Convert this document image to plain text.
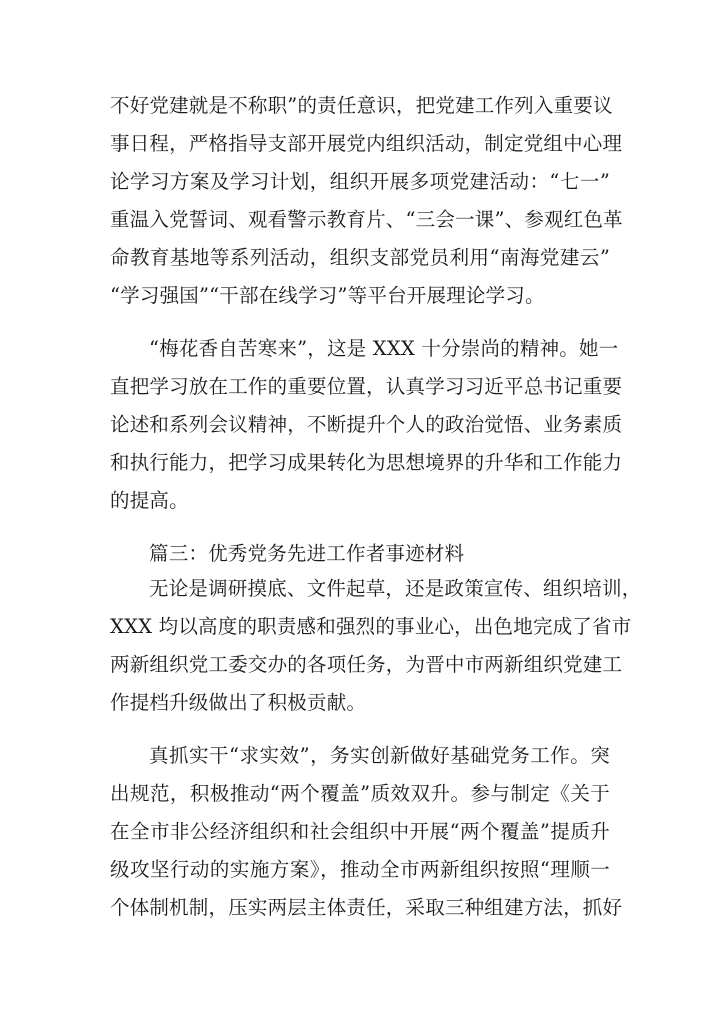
不好党建就是不称职”的责任意识，把党建工作列入重要议
事日程，严格指导支部开展党内组织活动，制定党组中心理
论学习方案及学习计划，组织开展多项党建活动：“七一”
重温入党誓词、观看警示教育片、“三会一课”、参观红色革
命教育基地等系列活动，组织支部党员利用“南海党建云”
“学习强国”“干部在线学习”等平台开展理论学习。
“梅花香自苦寒来”，这是 XXX 十分崇尚的精神。她一
直把学习放在工作的重要位置，认真学习习近平总书记重要
论述和系列会议精神，不断提升个人的政治觉悟、业务素质
和执行能力，把学习成果转化为思想境界的升华和工作能力
的提高。
篇三：优秀党务先进工作者事迹材料
无论是调研摸底、文件起草，还是政策宣传、组织培训，
XXX 均以高度的职责感和强烈的事业心，出色地完成了省市
两新组织党工委交办的各项任务，为晋中市两新组织党建工
作提档升级做出了积极贡献。
真抓实干“求实效”，务实创新做好基础党务工作。突
出规范，积极推动“两个覆盖”质效双升。参与制定《关于
在全市非公经济组织和社会组织中开展“两个覆盖”提质升
级攻坚行动的实施方案》，推动全市两新组织按照“理顺一
个体制机制，压实两层主体责任，采取三种组建方法，抓好
